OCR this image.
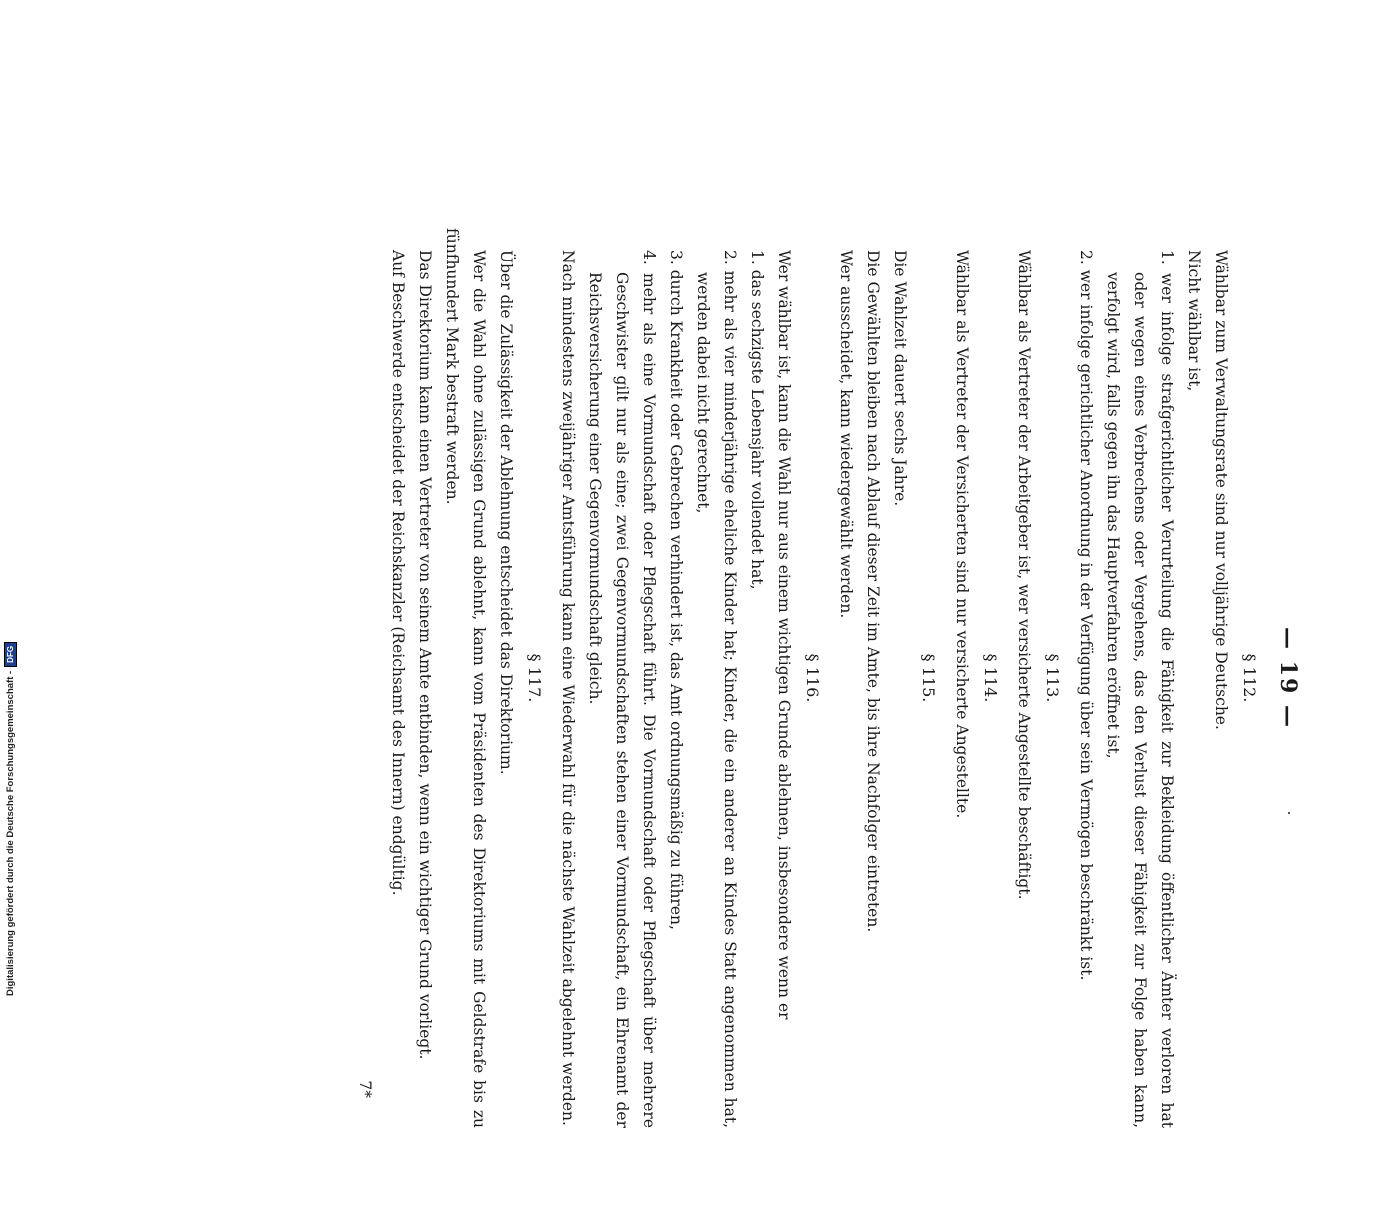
— 19 —
§ 112.

Wählbar zum Verwaltungsrate sind nur volljährige Deutsche.

Nicht wählbar ist,

1. wer infolge strafgerichtlicher Verurteilung die Fähigkeit zur Bekleidung öffentlicher Ämter verloren hat oder wegen eines Verbrechens oder Vergehens, das den Verlust dieser Fähigkeit zur Folge haben kann, verfolgt wird, falls gegen ihn das Hauptverfahren eröffnet ist,

2. wer infolge gerichtlicher Anordnung in der Verfügung über sein Vermögen beschränkt ist.

§ 113.

Wählbar als Vertreter der Arbeitgeber ist, wer versicherte Angestellte beschäftigt.

§ 114.

Wählbar als Vertreter der Versicherten sind nur versicherte Angestellte.

§ 115.

Die Wahlzeit dauert sechs Jahre.

Die Gewählten bleiben nach Ablauf dieser Zeit im Amte, bis ihre Nachfolger eintreten.

Wer ausscheidet, kann wiedergewählt werden.

§ 116.

Wer wählbar ist, kann die Wahl nur aus einem wichtigen Grunde ablehnen, insbesondere wenn er

1. das sechzigste Lebensjahr vollendet hat,

2. mehr als vier minderjährige eheliche Kinder hat; Kinder, die ein anderer an Kindes Statt angenommen hat, werden dabei nicht gerechnet,

3. durch Krankheit oder Gebrechen verhindert ist, das Amt ordnungsmäßig zu führen,

4. mehr als eine Vormundschaft oder Pflegschaft führt. Die Vormundschaft oder Pflegschaft über mehrere Geschwister gilt nur als eine; zwei Gegenvormundschaften stehen einer Vormundschaft, ein Ehrenamt der Reichsversicherung einer Gegenvormundschaft gleich.

Nach mindestens zweijähriger Amtsführung kann eine Wiederwahl für die nächste Wahlzeit abgelehnt werden.

§ 117.

Über die Zulässigkeit der Ablehnung entscheidet das Direktorium.

Wer die Wahl ohne zulässigen Grund ablehnt, kann vom Präsidenten des Direktoriums mit Geldstrafe bis zu fünfhundert Mark bestraft werden.

Das Direktorium kann einen Vertreter von seinem Amte entbinden, wenn ein wichtiger Grund vorliegt.

Auf Beschwerde entscheidet der Reichskanzler (Reichsamt des Innern) endgültig.

7*
Digitalisierung gefördert durch die Deutsche Forschungsgemeinschaft -
DFG
